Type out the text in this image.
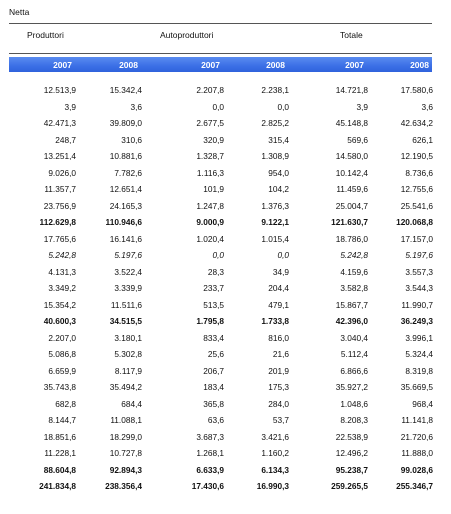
Netta
Produttori	Autoproduttori	Totale
2007	2008	2007	2008	2007	2008
12.513,9	15.342,4	2.207,8	2.238,1	14.721,8	17.580,6
3,9	3,6	0,0	0,0	3,9	3,6
42.471,3	39.809,0	2.677,5	2.825,2	45.148,8	42.634,2
248,7	310,6	320,9	315,4	569,6	626,1
13.251,4	10.881,6	1.328,7	1.308,9	14.580,0	12.190,5
9.026,0	7.782,6	1.116,3	954,0	10.142,4	8.736,6
11.357,7	12.651,4	101,9	104,2	11.459,6	12.755,6
23.756,9	24.165,3	1.247,8	1.376,3	25.004,7	25.541,6
112.629,8	110.946,6	9.000,9	9.122,1	121.630,7	120.068,8
17.765,6	16.141,6	1.020,4	1.015,4	18.786,0	17.157,0
5.242,8	5.197,6	0,0	0,0	5.242,8	5.197,6
4.131,3	3.522,4	28,3	34,9	4.159,6	3.557,3
3.349,2	3.339,9	233,7	204,4	3.582,8	3.544,3
15.354,2	11.511,6	513,5	479,1	15.867,7	11.990,7
40.600,3	34.515,5	1.795,8	1.733,8	42.396,0	36.249,3
2.207,0	3.180,1	833,4	816,0	3.040,4	3.996,1
5.086,8	5.302,8	25,6	21,6	5.112,4	5.324,4
6.659,9	8.117,9	206,7	201,9	6.866,6	8.319,8
35.743,8	35.494,2	183,4	175,3	35.927,2	35.669,5
682,8	684,4	365,8	284,0	1.048,6	968,4
8.144,7	11.088,1	63,6	53,7	8.208,3	11.141,8
18.851,6	18.299,0	3.687,3	3.421,6	22.538,9	21.720,6
11.228,1	10.727,8	1.268,1	1.160,2	12.496,2	11.888,0
88.604,8	92.894,3	6.633,9	6.134,3	95.238,7	99.028,6
241.834,8	238.356,4	17.430,6	16.990,3	259.265,5	255.346,7
